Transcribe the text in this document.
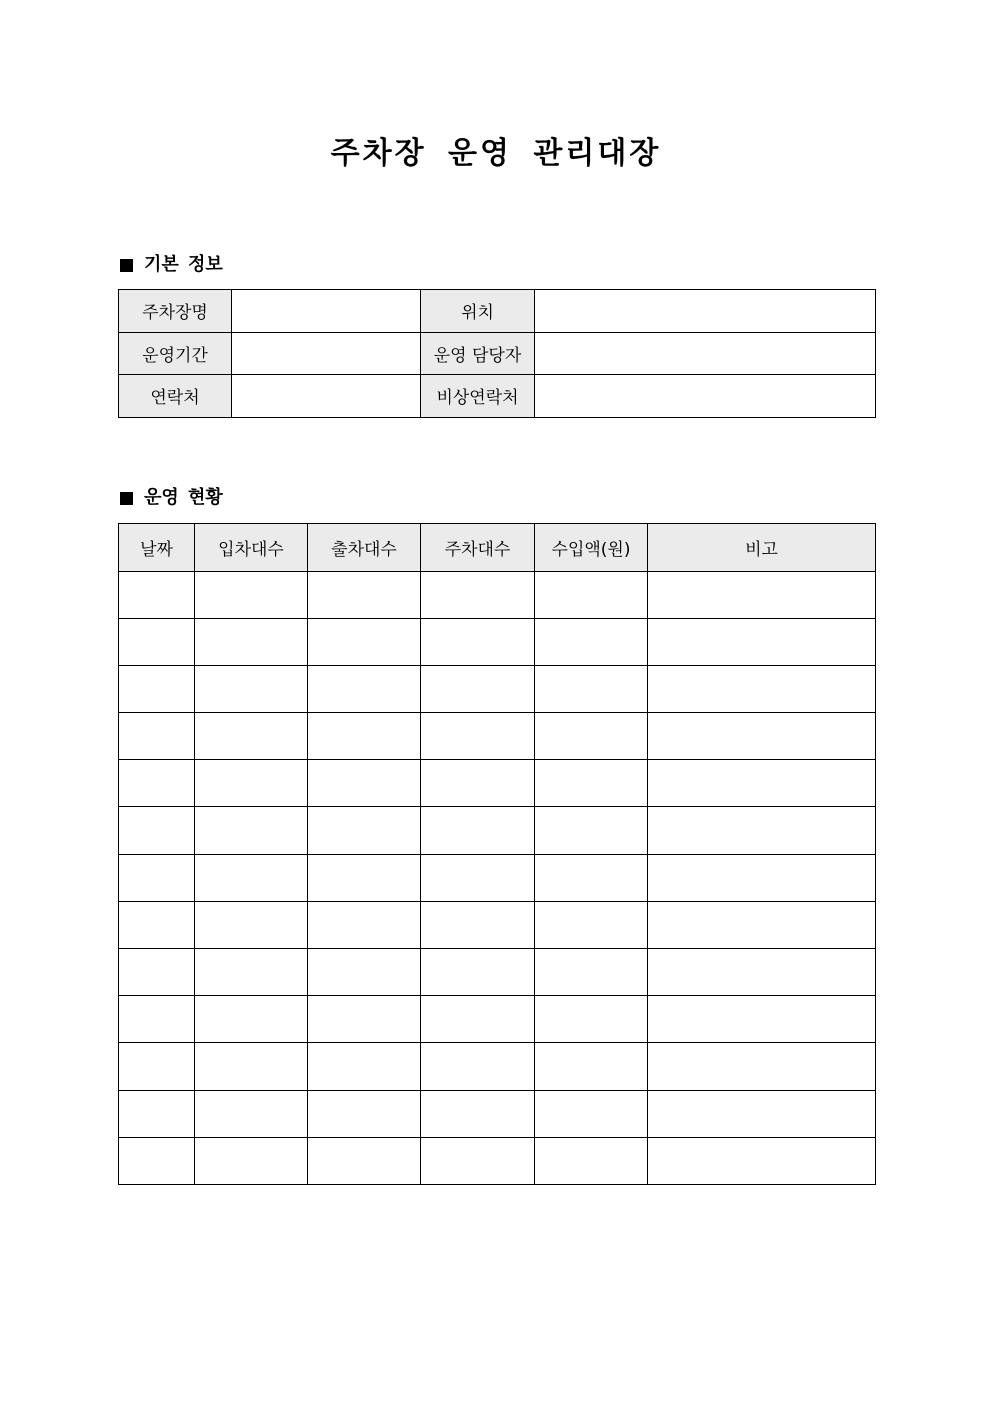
주차장 운영 관리대장
기본 정보
주차장명		위치	
운영기간		운영 담당자	
연락처		비상연락처	
운영 현황
날짜	입차대수	출차대수	주차대수	수입액(원)	비고
